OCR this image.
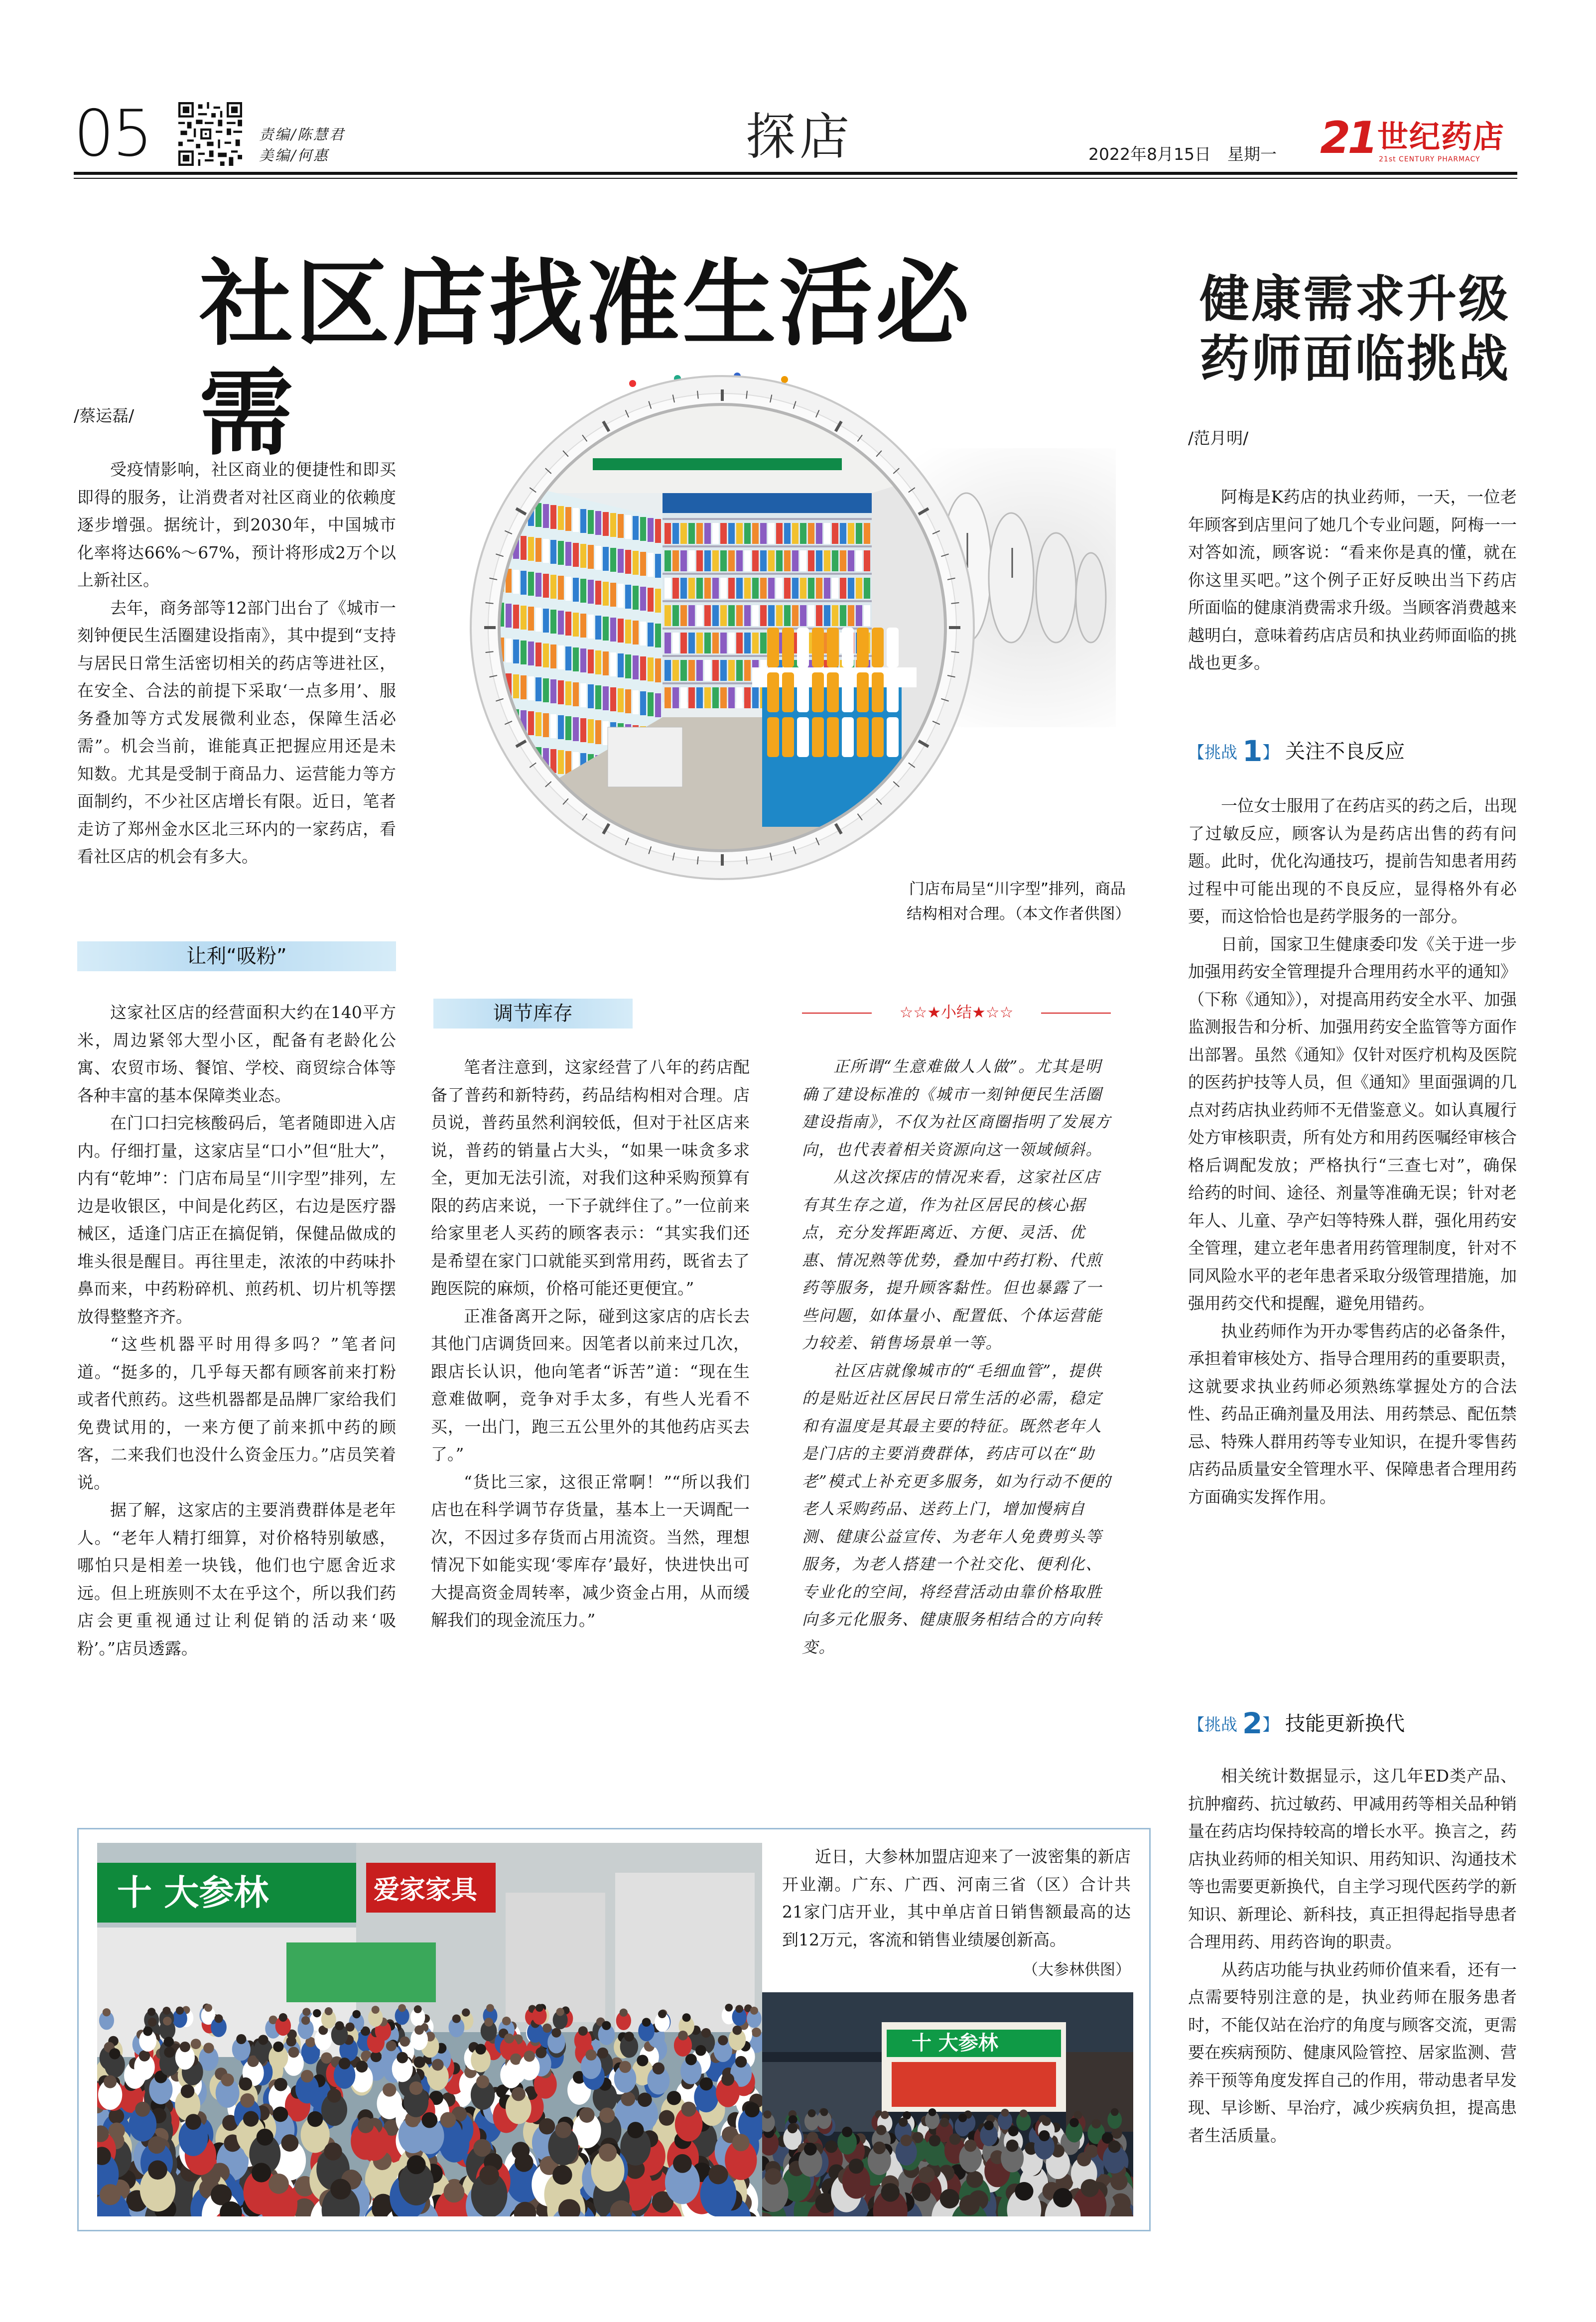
05	责编/陈慧君
美编/何惠	探店	2022年8月15日　星期一 21 世纪药店
21st CENTURY PHARMACY
社区店找准生活必需
/蔡运磊/

受疫情影响，社区商业的便捷性和即买即得的服务，让消费者对社区商业的依赖度逐步增强。据统计，到2030年，中国城市化率将达66%～67%，预计将形成2万个以上新社区。

去年，商务部等12部门出台了《城市一刻钟便民生活圈建设指南》，其中提到“支持与居民日常生活密切相关的药店等进社区，在安全、合法的前提下采取‘一点多用’、服务叠加等方式发展微利业态，保障生活必需”。机会当前，谁能真正把握应用还是未知数。尤其是受制于商品力、运营能力等方面制约，不少社区店增长有限。近日，笔者走访了郑州金水区北三环内的一家药店，看看社区店的机会有多大。

让利“吸粉”

这家社区店的经营面积大约在140平方米，周边紧邻大型小区，配备有老龄化公寓、农贸市场、餐馆、学校、商贸综合体等各种丰富的基本保障类业态。

在门口扫完核酸码后，笔者随即进入店内。仔细打量，这家店呈“口小”但“肚大”，内有“乾坤”：门店布局呈“川字型”排列，左边是收银区，中间是化药区，右边是医疗器械区，适逢门店正在搞促销，保健品做成的堆头很是醒目。再往里走，浓浓的中药味扑鼻而来，中药粉碎机、煎药机、切片机等摆放得整整齐齐。

“这些机器平时用得多吗？”笔者问道。“挺多的，几乎每天都有顾客前来打粉或者代煎药。这些机器都是品牌厂家给我们免费试用的，一来方便了前来抓中药的顾客，二来我们也没什么资金压力。”店员笑着说。

据了解，这家店的主要消费群体是老年人。“老年人精打细算，对价格特别敏感，哪怕只是相差一块钱，他们也宁愿舍近求远。但上班族则不太在乎这个，所以我们药店会更重视通过让利促销的活动来‘吸粉’。”店员透露。

调节库存

笔者注意到，这家经营了八年的药店配备了普药和新特药，药品结构相对合理。店员说，普药虽然利润较低，但对于社区店来说，普药的销量占大头，“如果一味贪多求全，更加无法引流，对我们这种采购预算有限的药店来说，一下子就绊住了。”一位前来给家里老人买药的顾客表示：“其实我们还是希望在家门口就能买到常用药，既省去了跑医院的麻烦，价格可能还更便宜。”

正准备离开之际，碰到这家店的店长去其他门店调货回来。因笔者以前来过几次，跟店长认识，他向笔者“诉苦”道：“现在生意难做啊，竞争对手太多，有些人光看不买，一出门，跑三五公里外的其他药店买去了。”

“货比三家，这很正常啊！”“所以我们店也在科学调节存货量，基本上一天调配一次，不因过多存货而占用流资。当然，理想情况下如能实现‘零库存’最好，快进快出可大提高资金周转率，减少资金占用，从而缓解我们的现金流压力。”

☆☆★小结★☆☆

正所谓“生意难做人人做”。尤其是明确了建设标准的《城市一刻钟便民生活圈建设指南》，不仅为社区商圈指明了发展方向，也代表着相关资源向这一领域倾斜。

从这次探店的情况来看，这家社区店有其生存之道，作为社区居民的核心据点，充分发挥距离近、方便、灵活、优惠、情况熟等优势，叠加中药打粉、代煎药等服务，提升顾客黏性。但也暴露了一些问题，如体量小、配置低、个体运营能力较差、销售场景单一等。

社区店就像城市的“毛细血管”，提供的是贴近社区居民日常生活的必需，稳定和有温度是其最主要的特征。既然老年人是门店的主要消费群体，药店可以在“助老”模式上补充更多服务，如为行动不便的老人采购药品、送药上门，增加慢病自测、健康公益宣传、为老年人免费剪头等服务，为老人搭建一个社交化、便利化、专业化的空间，将经营活动由靠价格取胜向多元化服务、健康服务相结合的方向转变。

门店布局呈“川字型”排列，商品结构相对合理。（本文作者供图）
健康需求升级
药师面临挑战
/范月明/

阿梅是K药店的执业药师，一天，一位老年顾客到店里问了她几个专业问题，阿梅一一对答如流，顾客说：“看来你是真的懂，就在你这里买吧。”这个例子正好反映出当下药店所面临的健康消费需求升级。当顾客消费越来越明白，意味着药店店员和执业药师面临的挑战也更多。

【挑战 1】 关注不良反应

一位女士服用了在药店买的药之后，出现了过敏反应，顾客认为是药店出售的药有问题。此时，优化沟通技巧，提前告知患者用药过程中可能出现的不良反应，显得格外有必要，而这恰恰也是药学服务的一部分。

日前，国家卫生健康委印发《关于进一步加强用药安全管理提升合理用药水平的通知》（下称《通知》），对提高用药安全水平、加强监测报告和分析、加强用药安全监管等方面作出部署。虽然《通知》仅针对医疗机构及医院的医药护技等人员，但《通知》里面强调的几点对药店执业药师不无借鉴意义。如认真履行处方审核职责，所有处方和用药医嘱经审核合格后调配发放；严格执行“三查七对”，确保给药的时间、途径、剂量等准确无误；针对老年人、儿童、孕产妇等特殊人群，强化用药安全管理，建立老年患者用药管理制度，针对不同风险水平的老年患者采取分级管理措施，加强用药交代和提醒，避免用错药。

执业药师作为开办零售药店的必备条件，承担着审核处方、指导合理用药的重要职责，这就要求执业药师必须熟练掌握处方的合法性、药品正确剂量及用法、用药禁忌、配伍禁忌、特殊人群用药等专业知识，在提升零售药店药品质量安全管理水平、保障患者合理用药方面确实发挥作用。

【挑战 2】 技能更新换代

相关统计数据显示，这几年ED类产品、抗肿瘤药、抗过敏药、甲减用药等相关品种销量在药店均保持较高的增长水平。换言之，药店执业药师的相关知识、用药知识、沟通技术等也需要更新换代，自主学习现代医药学的新知识、新理论、新科技，真正担得起指导患者合理用药、用药咨询的职责。

从药店功能与执业药师价值来看，还有一点需要特别注意的是，执业药师在服务患者时，不能仅站在治疗的角度与顾客交流，更需要在疾病预防、健康风险管控、居家监测、营养干预等角度发挥自己的作用，带动患者早发现、早诊断、早治疗，减少疾病负担，提高患者生活质量。

十 大参林	爱家家具

近日，大参林加盟店迎来了一波密集的新店开业潮。广东、广西、河南三省（区）合计共21家门店开业，其中单店首日销售额最高的达到12万元，客流和销售业绩屡创新高。

（大参林供图）
十 大参林
